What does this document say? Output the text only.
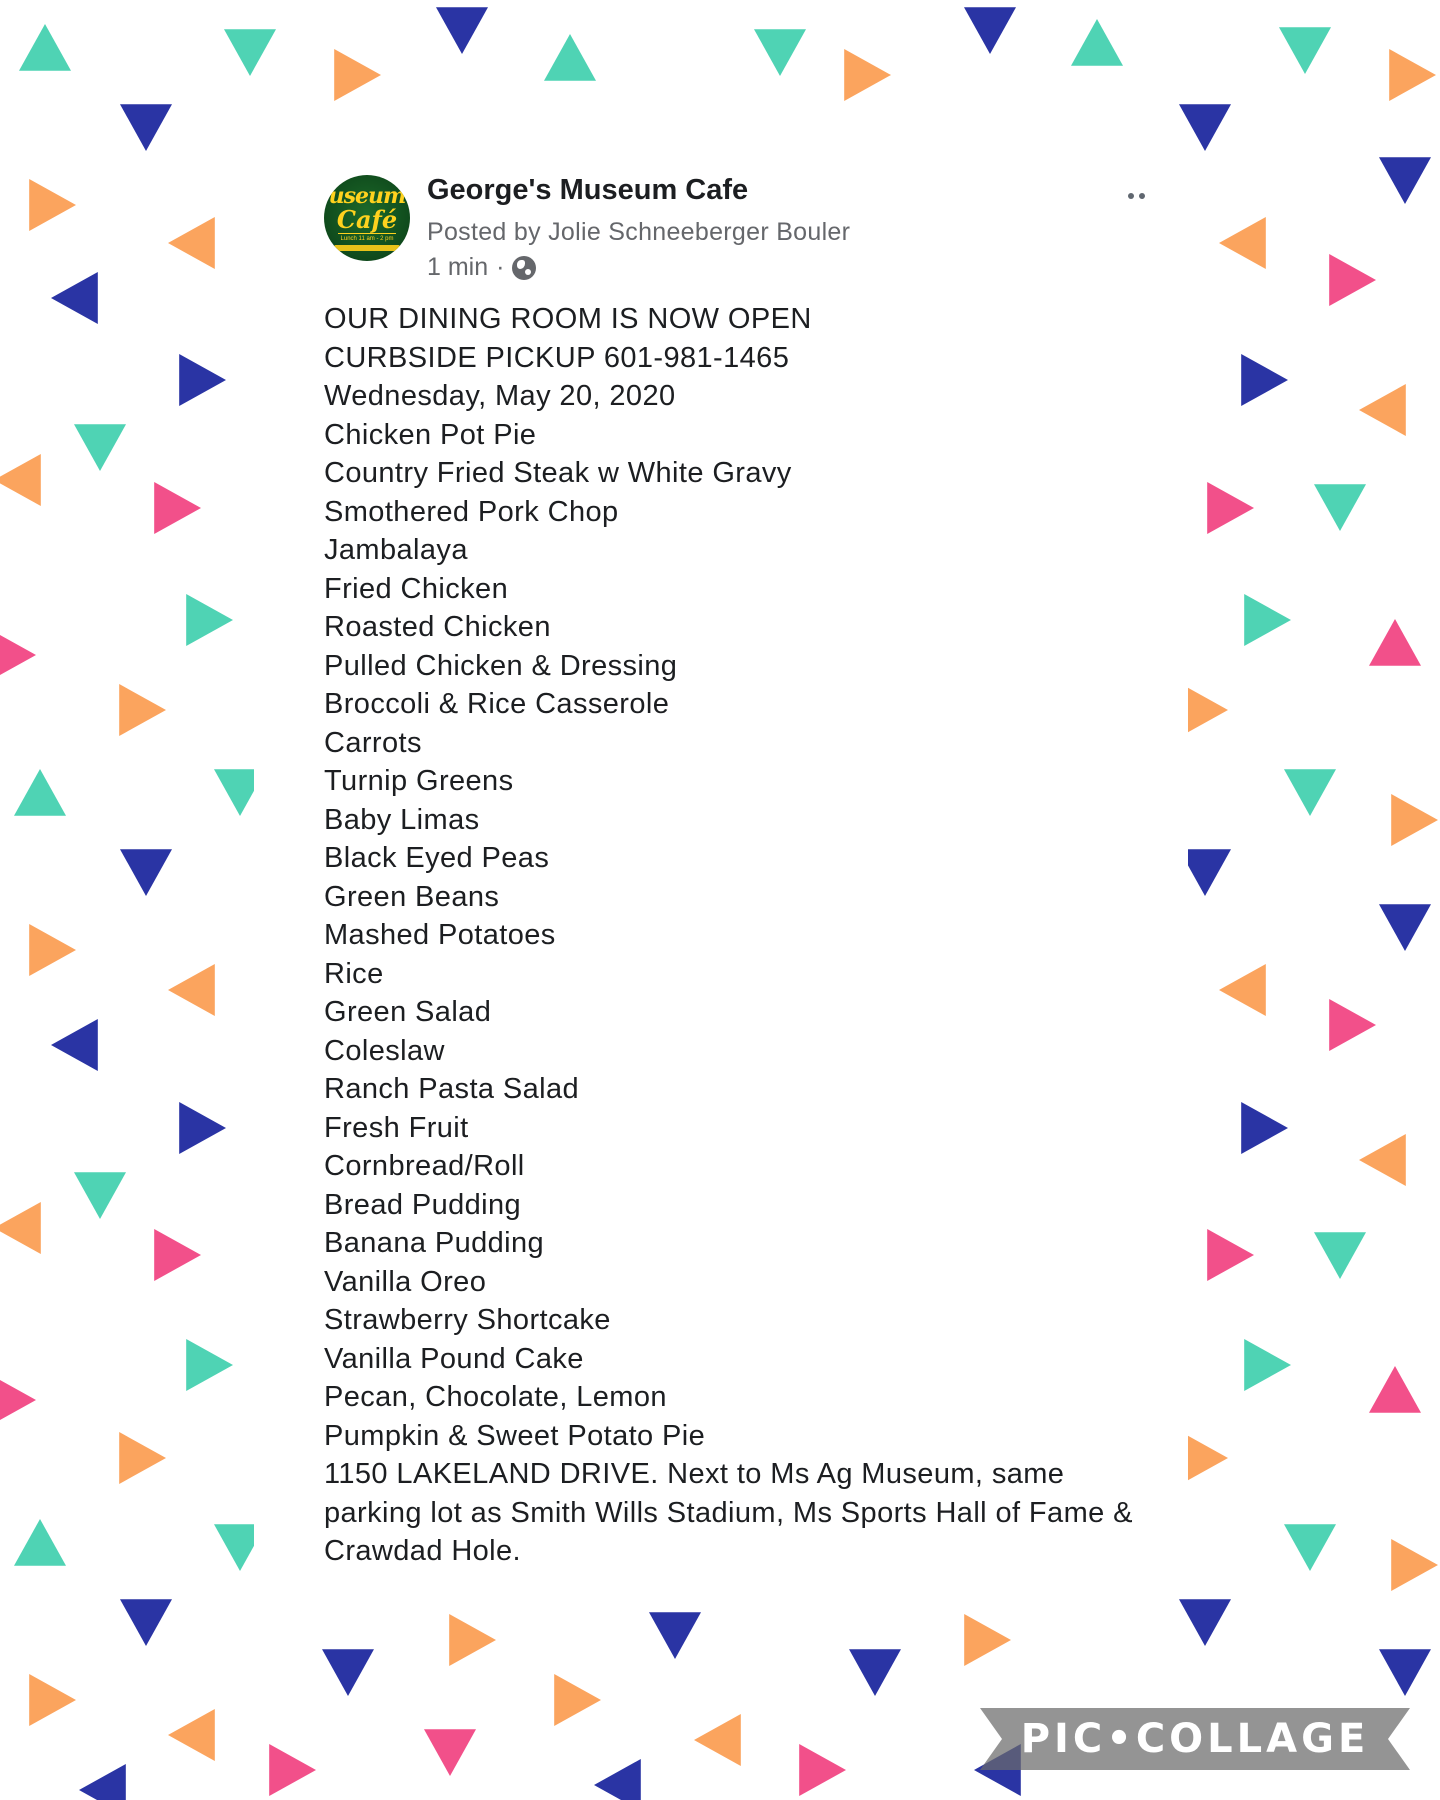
useum
Café
Lunch 11 am - 2 pm
George's Museum Cafe
Posted by Jolie Schneeberger Bouler
1 min ·
OUR DINING ROOM IS NOW OPEN
CURBSIDE PICKUP 601-981-1465
Wednesday, May 20, 2020
Chicken Pot Pie
Country Fried Steak w White Gravy
Smothered Pork Chop
Jambalaya
Fried Chicken
Roasted Chicken
Pulled Chicken & Dressing
Broccoli & Rice Casserole
Carrots
Turnip Greens
Baby Limas
Black Eyed Peas
Green Beans
Mashed Potatoes
Rice
Green Salad
Coleslaw
Ranch Pasta Salad
Fresh Fruit
Cornbread/Roll
Bread Pudding
Banana Pudding
Vanilla Oreo
Strawberry Shortcake
Vanilla Pound Cake
Pecan, Chocolate, Lemon
Pumpkin & Sweet Potato Pie
1150 LAKELAND DRIVE. Next to Ms Ag Museum, same parking lot as Smith Wills Stadium, Ms Sports Hall of Fame & Crawdad Hole.
PIC•COLLAGE
